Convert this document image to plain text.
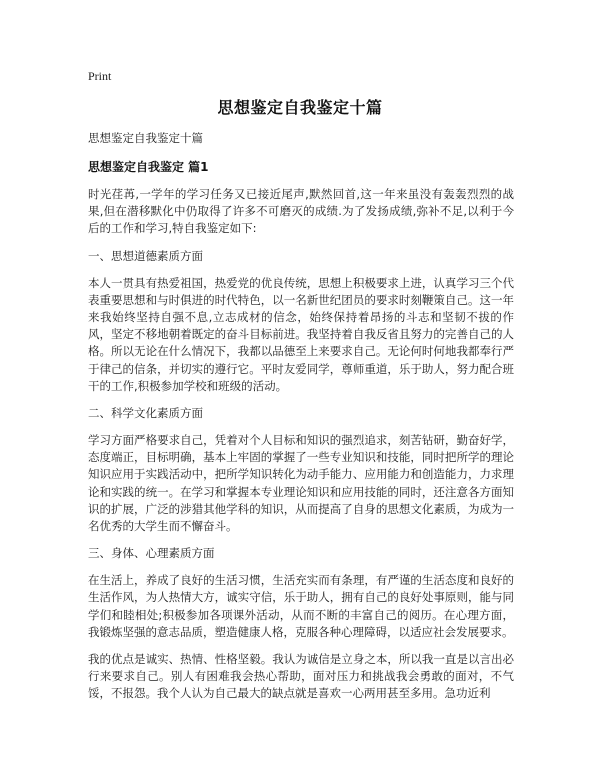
Print
思想鉴定自我鉴定十篇

思想鉴定自我鉴定十篇

思想鉴定自我鉴定 篇1

时光荏苒,一学年的学习任务又已接近尾声,默然回首,这一年来虽没有轰轰烈烈的战果,但在潜移默化中仍取得了许多不可磨灭的成绩.为了发扬成绩,弥补不足,以利于今后的工作和学习,特自我鉴定如下:

一、思想道德素质方面

本人一贯具有热爱祖国，热爱党的优良传统，思想上积极要求上进，认真学习三个代表重要思想和与时俱进的时代特色，以一名新世纪团员的要求时刻鞭策自己。这一年来我始终坚持自强不息,立志成材的信念，始终保持着昂扬的斗志和坚韧不拔的作风，坚定不移地朝着既定的奋斗目标前进。我坚持着自我反省且努力的完善自己的人格。所以无论在什么情况下，我都以品德至上来要求自己。无论何时何地我都奉行严于律己的信条，并切实的遵行它。平时友爱同学，尊师重道，乐于助人，努力配合班干的工作,积极参加学校和班级的活动。

二、科学文化素质方面

学习方面严格要求自己，凭着对个人目标和知识的强烈追求，刻苦钻研，勤奋好学，态度端正，目标明确，基本上牢固的掌握了一些专业知识和技能，同时把所学的理论知识应用于实践活动中，把所学知识转化为动手能力、应用能力和创造能力，力求理论和实践的统一。在学习和掌握本专业理论知识和应用技能的同时，还注意各方面知识的扩展，广泛的涉猎其他学科的知识，从而提高了自身的思想文化素质，为成为一名优秀的大学生而不懈奋斗。

三、身体、心理素质方面

在生活上，养成了良好的生活习惯，生活充实而有条理，有严谨的生活态度和良好的生活作风，为人热情大方，诚实守信，乐于助人，拥有自己的良好处事原则，能与同学们和睦相处;积极参加各项课外活动，从而不断的丰富自己的阅历。在心理方面，我锻炼坚强的意志品质，塑造健康人格，克服各种心理障碍，以适应社会发展要求。

我的优点是诚实、热情、性格坚毅。我认为诚信是立身之本，所以我一直是以言出必行来要求自己。别人有困难我会热心帮助，面对压力和挑战我会勇敢的面对，不气馁，不报怨。我个人认为自己最大的缺点就是喜欢一心两用甚至多用。急功近利
